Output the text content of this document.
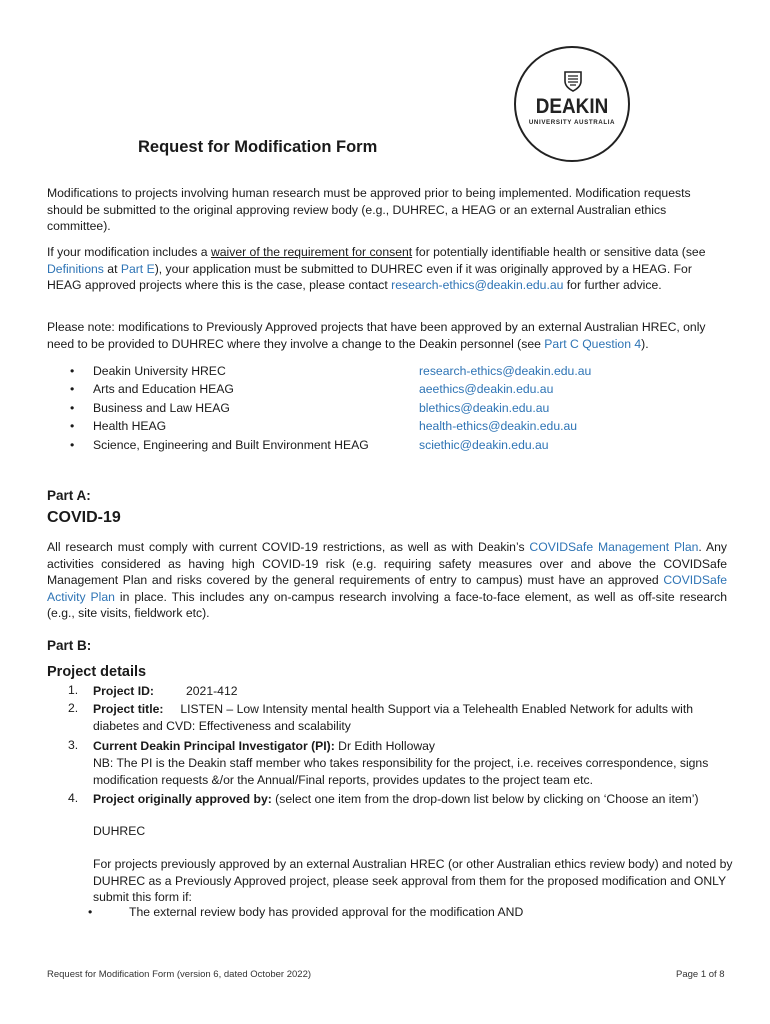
DEAKIN
UNIVERSITY AUSTRALIA
Request for Modification Form

Modifications to projects involving human research must be approved prior to being implemented. Modification requests should be submitted to the original approving review body (e.g., DUHREC, a HEAG or an external Australian ethics committee).

If your modification includes a waiver of the requirement for consent for potentially identifiable health or sensitive data (see Definitions at Part E), your application must be submitted to DUHREC even if it was originally approved by a HEAG. For HEAG approved projects where this is the case, please contact research-ethics@deakin.edu.au for further advice.

Please note: modifications to Previously Approved projects that have been approved by an external Australian HREC, only need to be provided to DUHREC where they involve a change to the Deakin personnel (see Part C Question 4).

• Deakin University HREC	research-ethics@deakin.edu.au
• Arts and Education HEAG	aeethics@deakin.edu.au
• Business and Law HEAG	blethics@deakin.edu.au
• Health HEAG	health-ethics@deakin.edu.au
• Science, Engineering and Built Environment HEAG	sciethic@deakin.edu.au
Part A:
COVID-19

All research must comply with current COVID-19 restrictions, as well as with Deakin’s COVIDSafe Management Plan. Any activities considered as having high COVID-19 risk (e.g. requiring safety measures over and above the COVIDSafe Management Plan and risks covered by the general requirements of entry to campus) must have an approved COVIDSafe Activity Plan in place. This includes any on-campus research involving a face-to-face element, as well as off-site research (e.g., site visits, fieldwork etc).

Part B:
Project details
1. Project ID:	2021-412
2. Project title: LISTEN – Low Intensity mental health Support via a Telehealth Enabled Network for adults with diabetes and CVD: Effectiveness and scalability
3. Current Deakin Principal Investigator (PI): Dr Edith Holloway
NB: The PI is the Deakin staff member who takes responsibility for the project, i.e. receives correspondence, signs modification requests &/or the Annual/Final reports, provides updates to the project team etc.
4. Project originally approved by: (select one item from the drop-down list below by clicking on ‘Choose an item’)
DUHREC
For projects previously approved by an external Australian HREC (or other Australian ethics review body) and noted by DUHREC as a Previously Approved project, please seek approval from them for the proposed modification and ONLY submit this form if:
•	The external review body has provided approval for the modification AND
Request for Modification Form (version 6, dated October 2022)	Page 1 of 8
